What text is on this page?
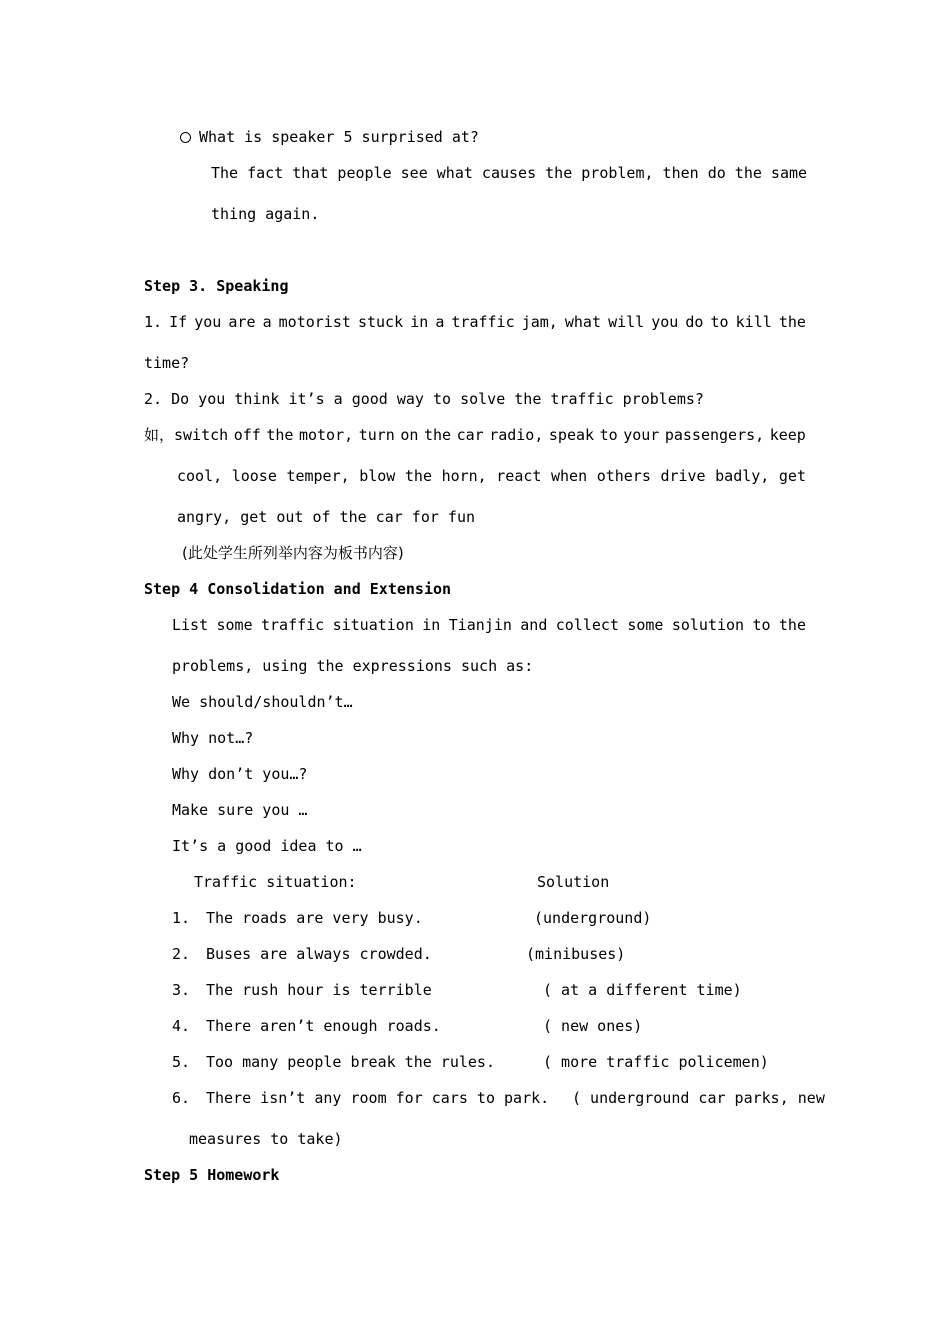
What is speaker 5 surprised at?
The fact that people see what causes the problem, then do the same
thing again.
Step 3. Speaking
1. If you are a motorist stuck in a traffic jam, what will you do to kill the
time?
2. Do you think it’s a good way to solve the traffic problems?
如，switch off the motor, turn on the car radio, speak to your passengers, keep
cool, loose temper, blow the horn, react when others drive badly, get
angry, get out of the car for fun
(此处学生所列举内容为板书内容)
Step 4 Consolidation and Extension
List some traffic situation in Tianjin and collect some solution to the
problems, using the expressions such as:
We should/shouldn’t…
Why not…?
Why don’t you…?
Make sure you …
It’s a good idea to …
Traffic situation:	Solution
1. The roads are very busy.	(underground)
2. Buses are always crowded.	(minibuses)
3. The rush hour is terrible	( at a different time)
4. There aren’t enough roads.	( new ones)
5. Too many people break the rules.	( more traffic policemen)
6. There isn’t any room for cars to park. ( underground car parks, new
measures to take)
Step 5 Homework
